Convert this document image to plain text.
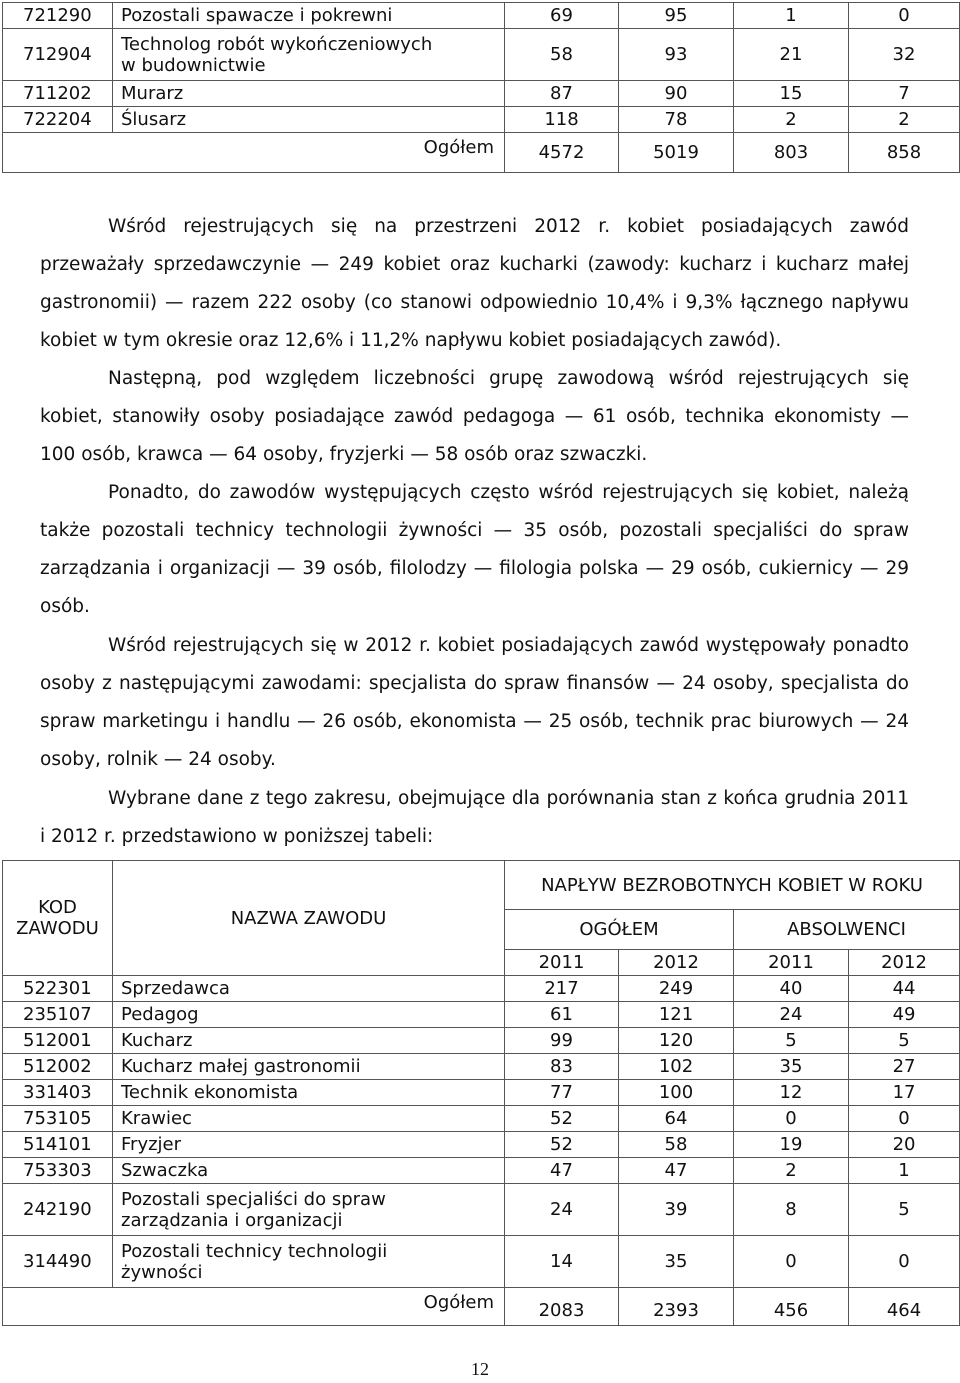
721290	Pozostali spawacze i pokrewni	69	95	1	0
712904	Technolog robót wykończeniowych
w budownictwie	58	93	21	32
711202	Murarz	87	90	15	7
722204	Ślusarz	118	78	2	2
Ogółem		4572	5019	803	858

Wśród rejestrujących się na przestrzeni 2012 r. kobiet posiadających zawód przeważały sprzedawczynie — 249 kobiet oraz kucharki (zawody: kucharz i kucharz małej gastronomii) — razem 222 osoby (co stanowi odpowiednio 10,4% i 9,3% łącznego napływu kobiet w tym okresie oraz 12,6% i 11,2% napływu kobiet posiadających zawód).

Następną, pod względem liczebności grupę zawodową wśród rejestrujących się kobiet, stanowiły osoby posiadające zawód pedagoga — 61 osób, technika ekonomisty — 100 osób, krawca — 64 osoby, fryzjerki — 58 osób oraz szwaczki.

Ponadto, do zawodów występujących często wśród rejestrujących się kobiet, należą także pozostali technicy technologii żywności — 35 osób, pozostali specjaliści do spraw zarządzania i organizacji — 39 osób, filolodzy — filologia polska — 29 osób, cukiernicy — 29 osób.

Wśród rejestrujących się w 2012 r. kobiet posiadających zawód występowały ponadto osoby z następującymi zawodami: specjalista do spraw finansów — 24 osoby, specjalista do spraw marketingu i handlu — 26 osób, ekonomista — 25 osób, technik prac biurowych — 24 osoby, rolnik — 24 osoby.

Wybrane dane z tego zakresu, obejmujące dla porównania stan z końca grudnia 2011 i 2012 r. przedstawiono w poniższej tabeli:

KOD ZAWODU	NAZWA ZAWODU	NAPŁYW BEZROBOTNYCH KOBIET W ROKU			
		OGÓŁEM		ABSOLWENCI	
		2011	2012	2011	2012
522301	Sprzedawca	217	249	40	44
235107	Pedagog	61	121	24	49
512001	Kucharz	99	120	5	5
512002	Kucharz małej gastronomii	83	102	35	27
331403	Technik ekonomista	77	100	12	17
753105	Krawiec	52	64	0	0
514101	Fryzjer	52	58	19	20
753303	Szwaczka	47	47	2	1
242190	Pozostali specjaliści do spraw
zarządzania i organizacji	24	39	8	5
314490	Pozostali technicy technologii
żywności	14	35	0	0
Ogółem		2083	2393	456	464
12
